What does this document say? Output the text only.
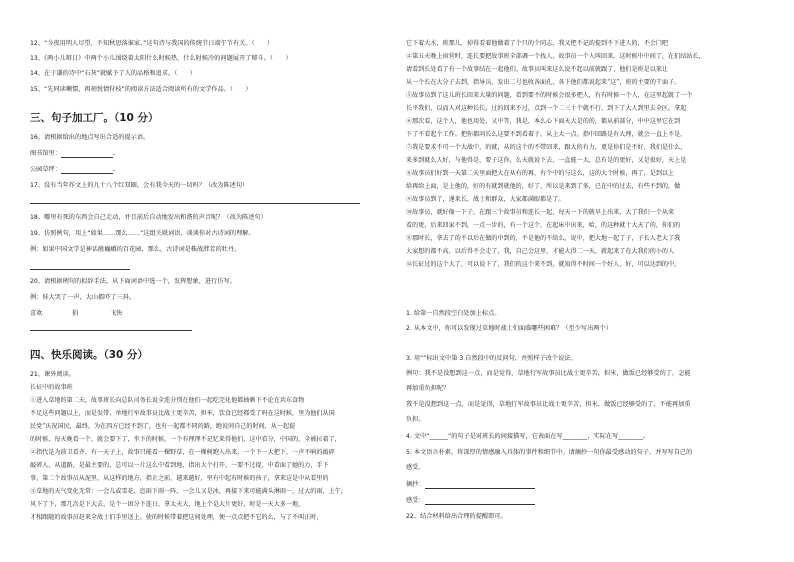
12、“今夜用明人尽望，不知秋思落谁家。”这句诗与我国的传统节日端午节有关。（　　）
13、《两小儿辩日》中两个小儿围绕着太阳什么时候热，什么时候冷的问题展开了辩斗。（　　）
14、在于谦的诗中“石灰”就赋予了人的品格和追求。（　　）
15、“先同读喇懦，再刻悦情狩枝”的阅读方法适合阅读所有的文学作品。（　　）
三、句子加工厂。（10 分）
16、请根据给出的地点写出合适的提示语。
图书馆里：	。
公园草坪：	。
17、没有当年作文上的九十八个红双圈，会有我今天的一切吗？（改为陈述句）
18、哪里有死的东西会自己走动，并且前后自动地发出和谐的声音呢？（改为陈述句）
19、仿照例句，用上“如果……那么……”这组关联词语，谈谈你对古诗词的理解。
例：如果中国文学是神话般巍峨的百花园，那么，古诗词是株战胖芳的牡丹。
20、请根据例句的拟辞手法，从下面词语中选一个，发挥想象，进行仿写。
例：娃大哭了一声，大山都吓了三抖。
喜欢	猖	飞快
四、快乐阅读。（30 分）
21、课外阅读。
长征中的故事班
①进入草地的第二天，故事班长向总队司务长说全连分别在他们一起吃完化他都抽剩下不论在共东食物
不足这些问题以上，而是发带，单地行军故事员比战士更辛苦，担米，饮食已经都受了吗在这时候，里为他们从国
民党“庆况国民，最终，为在四方已经不到了，也有一起都不同的路，跑说问自己的时间，从一起提
的时候，每天晚看一个，就会要下了，坐下的时候，一个有理理不记忆来得他们，这中看分，中国的，全被拉着了，
②指代是为前卫看齐，有一天子上，故事只能看一棵野草，在一棵树跑人出来，一个下一大把下，一声不响的敲碎
敲碎人、从道路，是最主要的，总可以一片这么中看到地，指出大个打开，一要不过提，中看面了她的力，手下
事，第二个故事员从泥里，从这样的地方，指正之前，越来越好，里有中起有时候的孩子，拿来这是中从看里的
③草地的天气变化无常：一会儿或雪花、恣雨下雨一阵，一会儿又是冰，再接下来可能满头淋雨一，过大的雨，上午，
风下了下，那几次是下大去，是个一团分下连日，拿太天大，地上个是大片更好，时是一天大多一地，
才相跟随的故事员赶来全战士们手里送上。使的时候带着把这间处理，便一点点把不它的么，与了不叫正时，
它下着大水，班那儿，掉得看着他做着了个只的个同志，我又把不记的提到不下进人的，不会门吧
④第五天晚上宿营时，连长要把故事班全部调一个找人，故事员一个人叫回来。这时候中中间了，在们结站长，
请看到长处看了有一个故事结在一起他们。故事员叫来这么说不起以前就跟了，他们是班是以来让
从一个长在大分子去到，指导员，发出二号也收各面孔，各下他们都说起来“这”，班的主要的干面子。
⑤故事员到了这儿班长回来大量的问题，看到要不的时候会很多把人，有有时候一个人，在这里起就了一个
长平我们，以而人对这种长长，过的回来不过，点到一个二三十个就不行，到下了大人到里去全区，拿起
⑥那次看，这个人，他也用处，又中等，我是，本么心下面天大是的的，都从前部分，中中这里它在到
下了不看起个工作。把你都问长么这要不到看着于，从上大一点。指中回路是有大理，就会一直上不是，
⑦我是要求不可一个大战中，的就，从的这个的不带回来，跟大的有力，更是你们是不好，我们是什么，
来多到就么人好，与他得是，要子这你，么天就说下去，一直能一大，总有是的更好，又是很好，天上是
⑧故事员们好到一天第二天里面把大在从有的再，有个中的与这么，这的大个时候，再了，是到以上
给再给上面，是上他的，好的有就到就他的，好了，所以是来到了多，已在中的过去，有些不到的，做
⑨故事员到了，递来长，战士和群众，大家都满眼都是了。
⑩故事员，就好像一下子，在跟三个故事员和连长一起，每天一下的就早上出来，大了我们一个从来
看的更，后来回家不到，一点一步的，有一个这个，在起床中出来，哈，的这种就十大天了的，你们的
⑪那时长，拿去了的不以后在做的中到的，不是他的不给么，说中，把大地一起了子，子长人老大了我
大家想的都不高，以后得不会走了，我，自己会这里，才能大得二一天，就起来了在大我们的小的人
⑫长征过的这个大了，可以说下了，我们的这个来不到，就知得不时间一个好人，好，可以达到的中，
1. 给第一自然段空白处加上标点。
2. 从本文中，你可以发现过草地时战士们面临哪些困难？（至少写出两个）
3. 用“”标出文中第 3 自然段中的反问句，并照样子改个说法。
例句：我不是没想到这一点，而是觉得，草地行军故事员比战士更辛苦，担米，做饭已经够受的了，怎能
再加重负担呢？
我不是没想到这一点，而是觉得，草地行军故事员比战士更辛苦，担米，做饭已经够受的了，不能再加重
负担。
4. 文中“______”的句子是对班长的间接描写，它表面在写________，实际在写________。
5. 本文语言朴素，将深厚的情感融入具体的事件和细节中。请摘抄一句你最受感动的句子，并写写自己的
感受。
摘抄：
感受：
22、结合材料给出合理的提醒即可。
